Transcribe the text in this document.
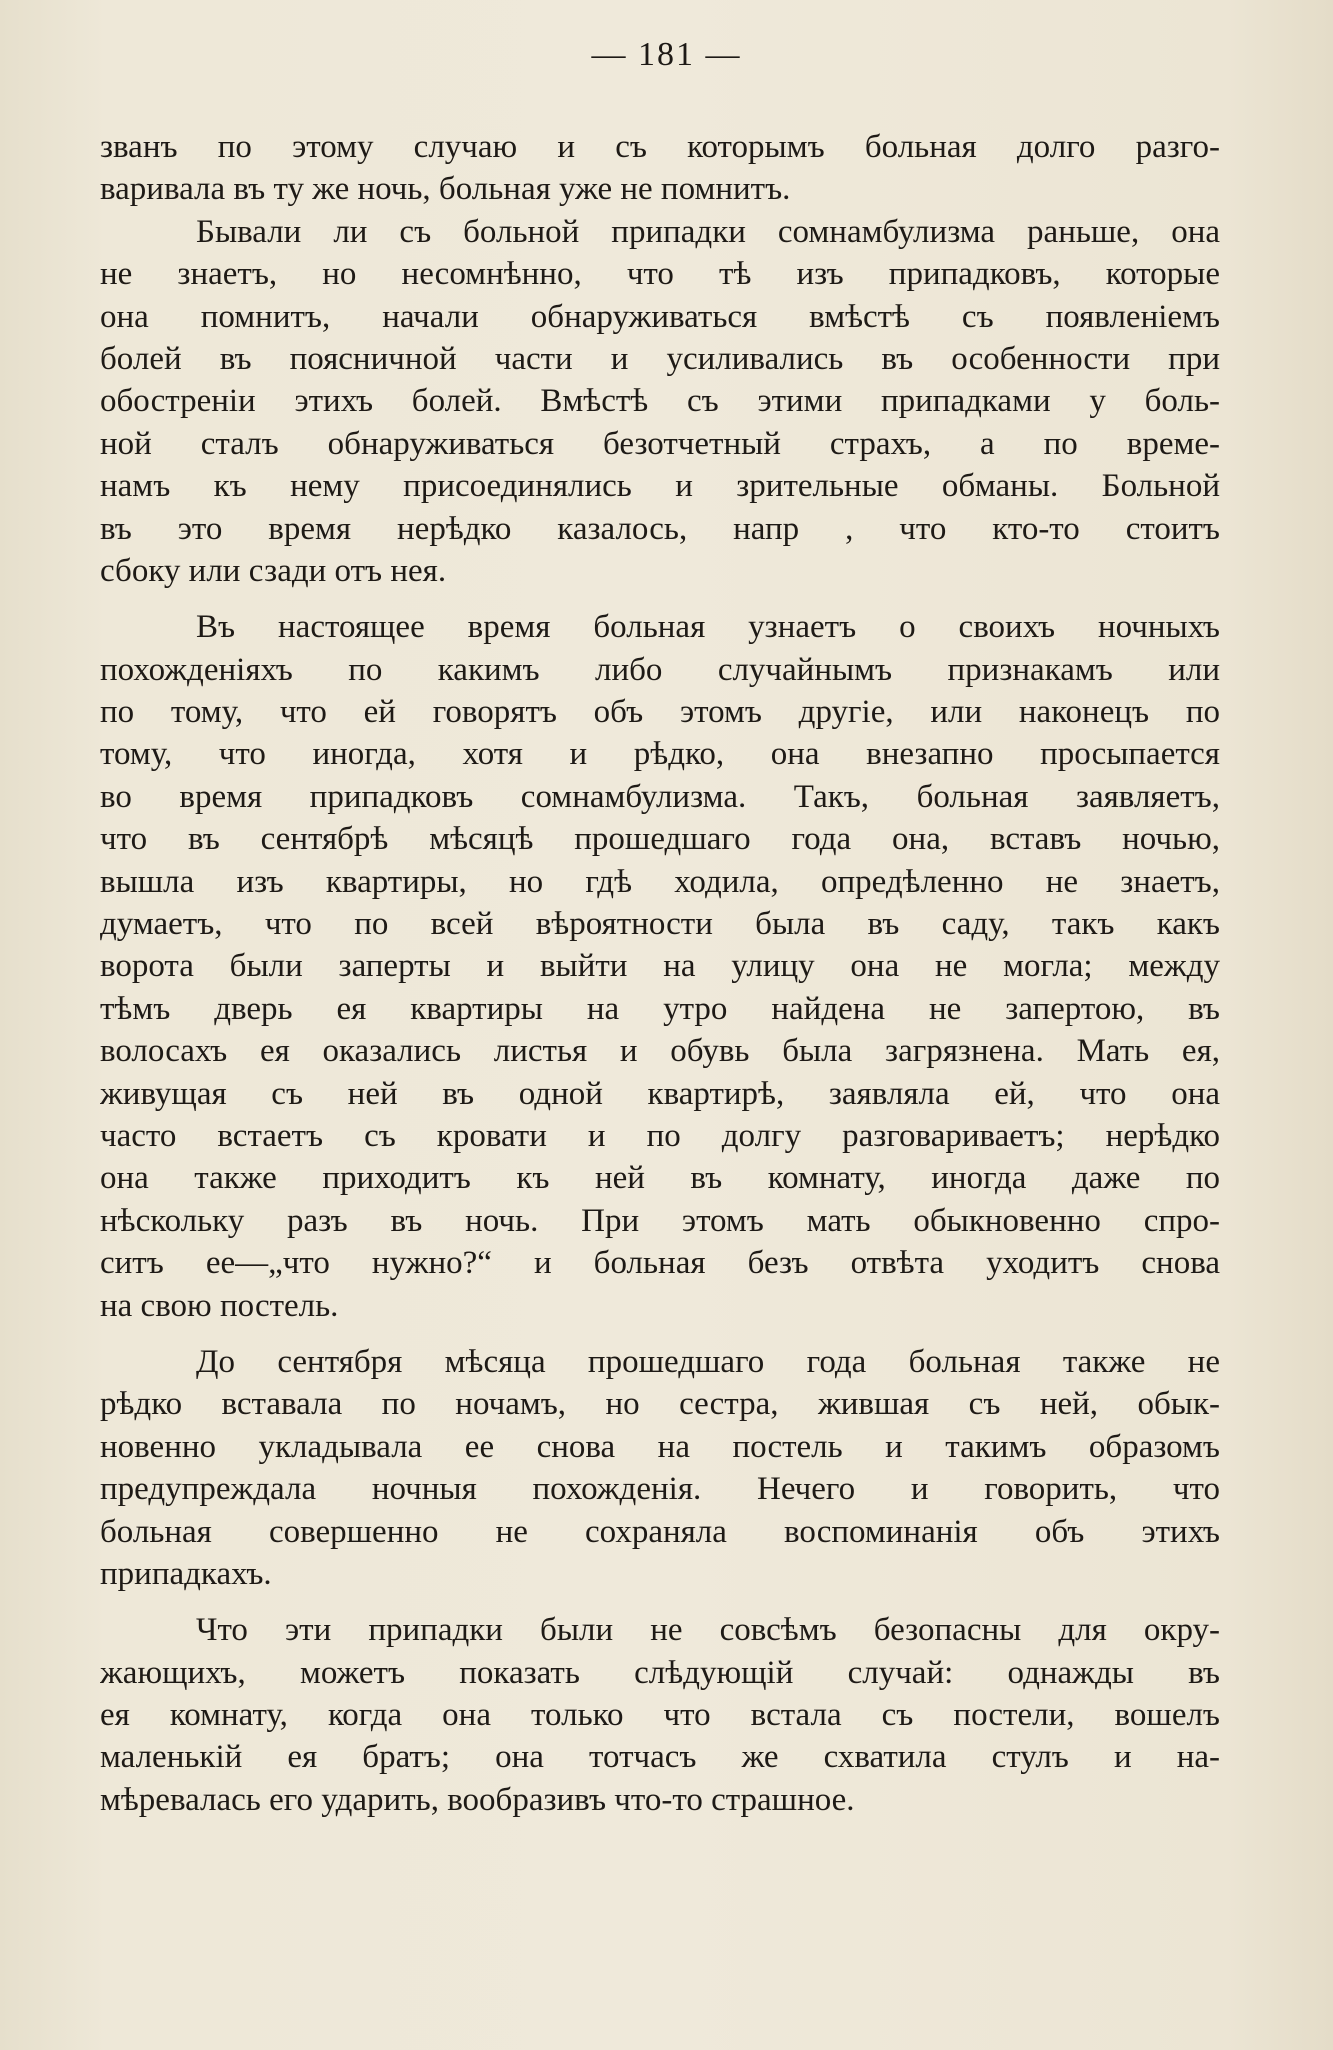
— 181 —
званъ по этому случаю и съ которымъ больная долго разго-
варивала въ ту же ночь, больная уже не помнитъ.
Бывали ли съ больной припадки сомнамбулизма раньше, она
не знаетъ, но несомнѣнно, что тѣ изъ припадковъ, которые
она помнитъ, начали обнаруживаться вмѣстѣ съ появленіемъ
болей въ поясничной части и усиливались въ особенности при
обостреніи этихъ болей. Вмѣстѣ съ этими припадками у боль-
ной сталъ обнаруживаться безотчетный страхъ, а по време-
намъ къ нему присоединялись и зрительные обманы. Больной
въ это время нерѣдко казалось, напр , что кто-то стоитъ
сбоку или сзади отъ нея.
Въ настоящее время больная узнаетъ о своихъ ночныхъ
похожденіяхъ по какимъ либо случайнымъ признакамъ или
по тому, что ей говорятъ объ этомъ другіе, или наконецъ по
тому, что иногда, хотя и рѣдко, она внезапно просыпается
во время припадковъ сомнамбулизма. Такъ, больная заявляетъ,
что въ сентябрѣ мѣсяцѣ прошедшаго года она, вставъ ночью,
вышла изъ квартиры, но гдѣ ходила, опредѣленно не знаетъ,
думаетъ, что по всей вѣроятности была въ саду, такъ какъ
ворота были заперты и выйти на улицу она не могла; между
тѣмъ дверь ея квартиры на утро найдена не запертою, въ
волосахъ ея оказались листья и обувь была загрязнена. Мать ея,
живущая съ ней въ одной квартирѣ, заявляла ей, что она
часто встаетъ съ кровати и по долгу разговариваетъ; нерѣдко
она также приходитъ къ ней въ комнату, иногда даже по
нѣскольку разъ въ ночь. При этомъ мать обыкновенно спро-
ситъ ее—„что нужно?“ и больная безъ отвѣта уходитъ снова
на свою постель.
До сентября мѣсяца прошедшаго года больная также не
рѣдко вставала по ночамъ, но сестра, жившая съ ней, обык-
новенно укладывала ее снова на постель и такимъ образомъ
предупреждала ночныя похожденія. Нечего и говорить, что
больная совершенно не сохраняла воспоминанія объ этихъ
припадкахъ.
Что эти припадки были не совсѣмъ безопасны для окру-
жающихъ, можетъ показать слѣдующій случай: однажды въ
ея комнату, когда она только что встала съ постели, вошелъ
маленькій ея братъ; она тотчасъ же схватила стулъ и на-
мѣревалась его ударить, вообразивъ что-то страшное.
